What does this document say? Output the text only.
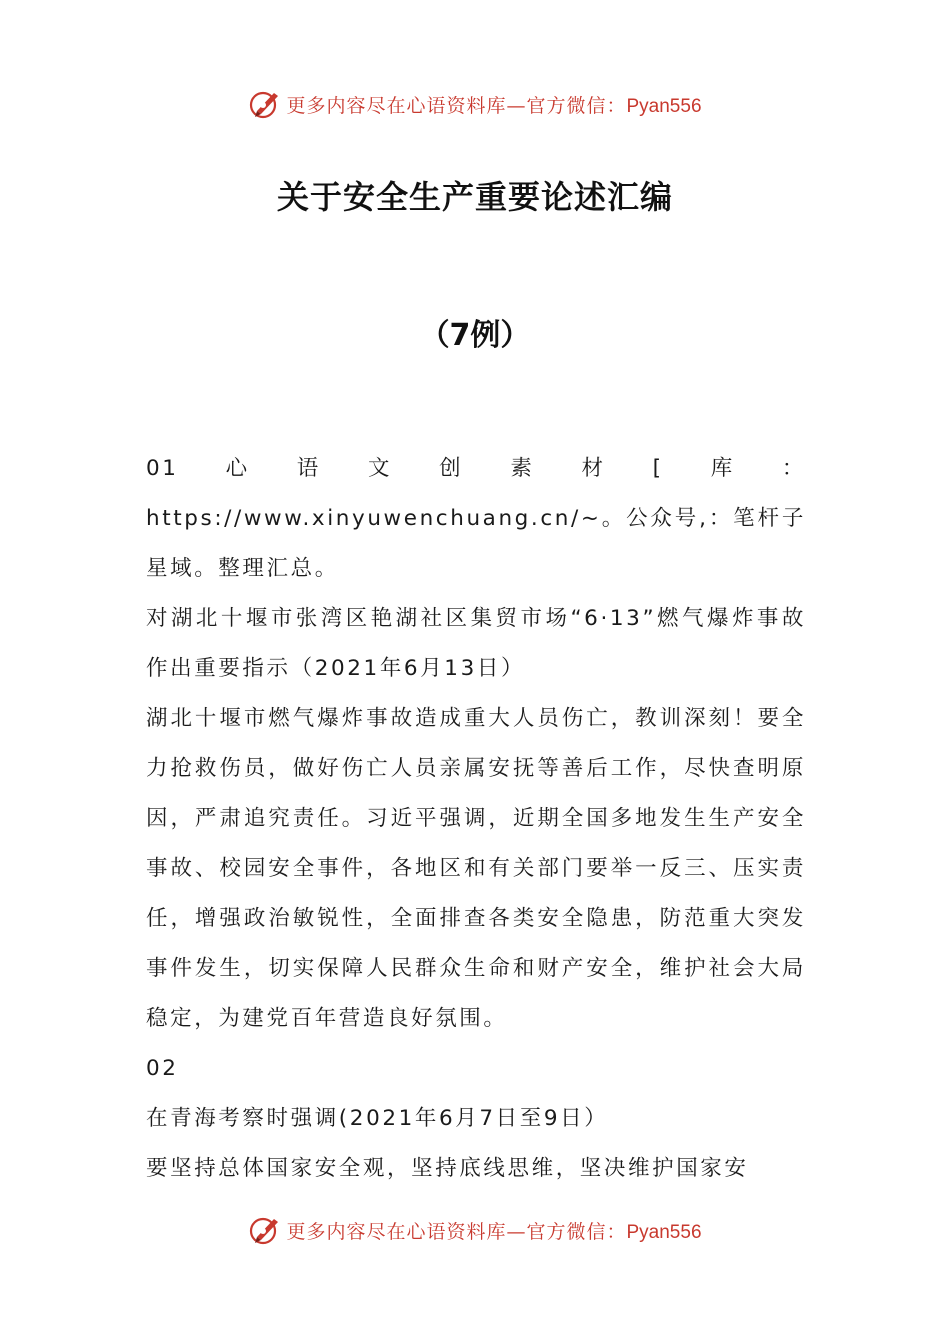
更多内容尽在心语资料库—官方微信：Pyan556
关于安全生产重要论述汇编
（7例）

01心语文创素材[库：https://www.xinyuwenchuang.cn/~。公众号,：笔杆子星域。整理汇总。

对湖北十堰市张湾区艳湖社区集贸市场“6·13”燃气爆炸事故作出重要指示（2021年6月13日）

湖北十堰市燃气爆炸事故造成重大人员伤亡，教训深刻！要全力抢救伤员，做好伤亡人员亲属安抚等善后工作，尽快查明原因，严肃追究责任。习近平强调，近期全国多地发生生产安全事故、校园安全事件，各地区和有关部门要举一反三、压实责任，增强政治敏锐性，全面排查各类安全隐患，防范重大突发事件发生，切实保障人民群众生命和财产安全，维护社会大局稳定，为建党百年营造良好氛围。

02

在青海考察时强调(2021年6月7日至9日）

要坚持总体国家安全观，坚持底线思维，坚决维护国家安

更多内容尽在心语资料库—官方微信：Pyan556
